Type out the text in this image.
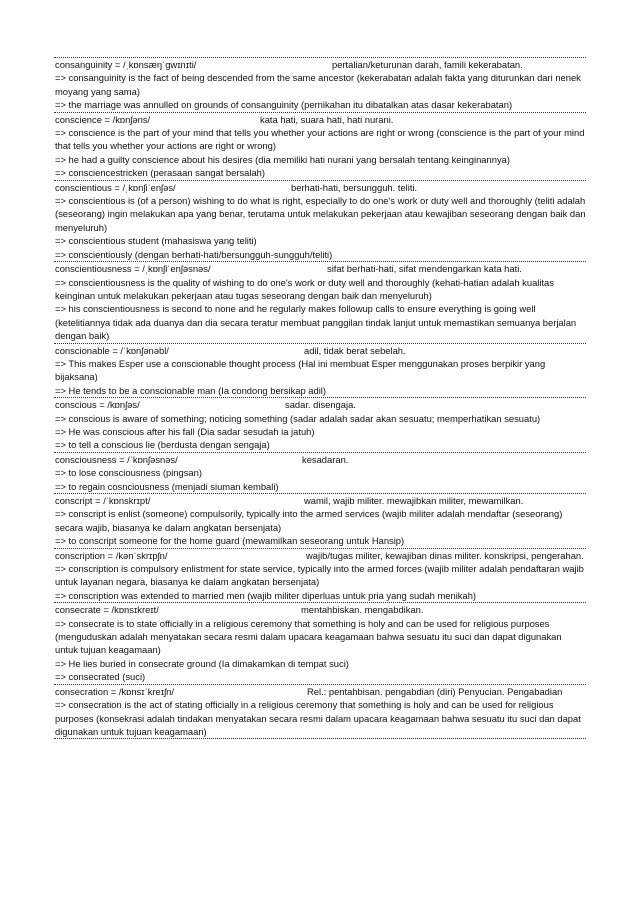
consanguinity = /ˌkɒnsæŋˈɡwɪnɪti/	pertalian/keturunan darah, famili kekerabatan.
=> consanguinity is the fact of being descended from the same ancestor (kekerabatan adalah fakta yang diturunkan dari nenek moyang yang sama)
=> the marriage was annulled on grounds of consanguinity (pernikahan itu dibatalkan atas dasar kekerabatan)
conscience = /kɒnʃəns/	kata hati, suara hati, hati nurani.
=> conscience is the part of your mind that tells you whether your actions are right or wrong (conscience is the part of your mind that tells you whether your actions are right or wrong)
=> he had a guilty conscience about his desires (dia memiliki hati nurani yang bersalah tentang keinginannya)
=> consciencestricken (perasaan sangat bersalah)
conscientious = /ˌkɒnʃiˈenʃəs/	berhati-hati, bersungguh. teliti.
=> conscientious is (of a person) wishing to do what is right, especially to do one's work or duty well and thoroughly (teliti adalah (seseorang) ingin melakukan apa yang benar, terutama untuk melakukan pekerjaan atau kewajiban seseorang dengan baik dan menyeluruh)
=> conscientious student (mahasiswa yang teliti)
=> conscientiously (dengan berhati-hati/bersungguh-sungguh/teliti)
conscientiousness = /ˌkɒnʃiˈenʃəsnəs/	sifat berhati-hati, sifat mendengarkan kata hati.
=> conscientiousness is the quality of wishing to do one's work or duty well and thoroughly (kehati-hatian adalah kualitas keinginan untuk melakukan pekerjaan atau tugas seseorang dengan baik dan menyeluruh)
=> his conscientiousness is second to none and he regularly makes followup calls to ensure everything is going well (ketelitiannya tidak ada duanya dan dia secara teratur membuat panggilan tindak lanjut untuk memastikan semuanya berjalan dengan baik)
conscionable = /ˈkɒnʃənəbl/	adil, tidak berat sebelah.
=> This makes Esper use a conscionable thought process (Hal ini membuat Esper menggunakan proses berpikir yang bijaksana)
=> He tends to be a conscionable man (Ia condong bersikap adil)
conscious = /kɒnʃəs/	sadar. disengaja.
=> conscious is aware of something; noticing something (sadar adalah sadar akan sesuatu; memperhatikan sesuatu)
=> He was conscious after his fall (Dia sadar sesudah ia jatuh)
=> to tell a conscious lie (berdusta dengan sengaja)
consciousness = /ˈkɒnʃəsnəs/	kesadaran.
=> to lose consciousness (pingsan)
=> to regain cosnciousness (menjadi siuman kembali)
conscript = /ˈkɒnskrɪpt/	wamil, wajib militer. mewajibkan militer, mewamilkan.
=> conscript is enlist (someone) compulsorily, typically into the armed services (wajib militer adalah mendaftar (seseorang) secara wajib, biasanya ke dalam angkatan bersenjata)
=> to conscript someone for the home guard (mewamilkan seseorang untuk Hansip)
conscription = /kənˈskrɪpʃn/	wajib/tugas militer, kewajiban dinas militer. konskripsi, pengerahan.
=> conscription is compulsory enlistment for state service, typically into the armed forces (wajib militer adalah pendaftaran wajib untuk layanan negara, biasanya ke dalam angkatan bersenjata)
=> conscription was extended to married men (wajib militer diperluas untuk pria yang sudah menikah)
consecrate = /kɒnsɪkreɪt/	mentahbiskan. mengabdikan.
=> consecrate is to state officially in a religious ceremony that something is holy and can be used for religious purposes (menguduskan adalah menyatakan secara resmi dalam upacara keagamaan bahwa sesuatu itu suci dan dapat digunakan untuk tujuan keagamaan)
=> He lies buried in consecrate ground (Ia dimakamkan di tempat suci)
=> consecrated (suci)
consecration = /kɒnsɪˈkreɪʃn/	Rel.: pentahbisan. pengabdian (diri) Penyucian. Pengabadian
=> consecration is the act of stating officially in a religious ceremony that something is holy and can be used for religious purposes (konsekrasi adalah tindakan menyatakan secara resmi dalam upacara keagamaan bahwa sesuatu itu suci dan dapat digunakan untuk tujuan keagamaan)
